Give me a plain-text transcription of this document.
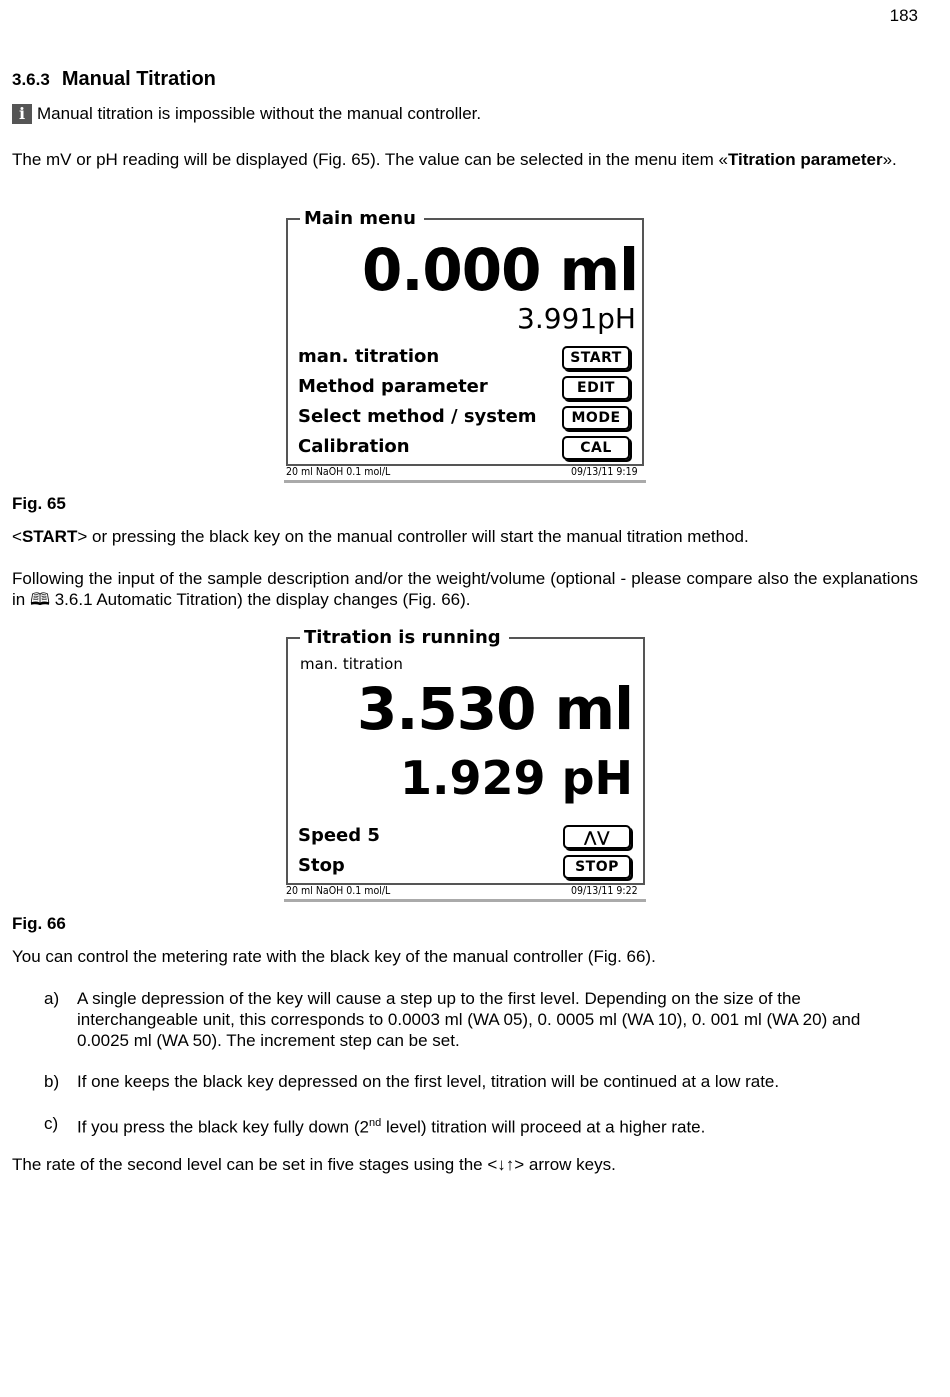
183
3.6.3 Manual Titration
i Manual titration is impossible without the manual controller.
The mV or pH reading will be displayed (Fig. 65). The value can be selected in the menu item «Titration parameter».
Main menu
0.000 ml
3.991pH
man. titration	START
Method parameter	EDIT
Select method / system	MODE
Calibration	CAL
20 ml NaOH 0.1 mol/L	09/13/11 9:19
Fig. 65
<START> or pressing the black key on the manual controller will start the manual titration method.
Following the input of the sample description and/or the weight/volume (optional - please compare also the explanations in 🕮 3.6.1 Automatic Titration) the display changes (Fig. 66).
Titration is running
man. titration
3.530 ml
1.929 pH
Speed 5	⋀⋁
Stop	STOP
20 ml NaOH 0.1 mol/L	09/13/11 9:22
Fig. 66
You can control the metering rate with the black key of the manual controller (Fig. 66).
a) A single depression of the key will cause a step up to the first level. Depending on the size of the interchangeable unit, this corresponds to 0.0003 ml (WA 05), 0. 0005 ml (WA 10), 0. 001 ml (WA 20) and 0.0025 ml (WA 50). The increment step can be set.
b) If one keeps the black key depressed on the first level, titration will be continued at a low rate.
c) If you press the black key fully down (2nd level) titration will proceed at a higher rate.
The rate of the second level can be set in five stages using the <↓↑> arrow keys.
